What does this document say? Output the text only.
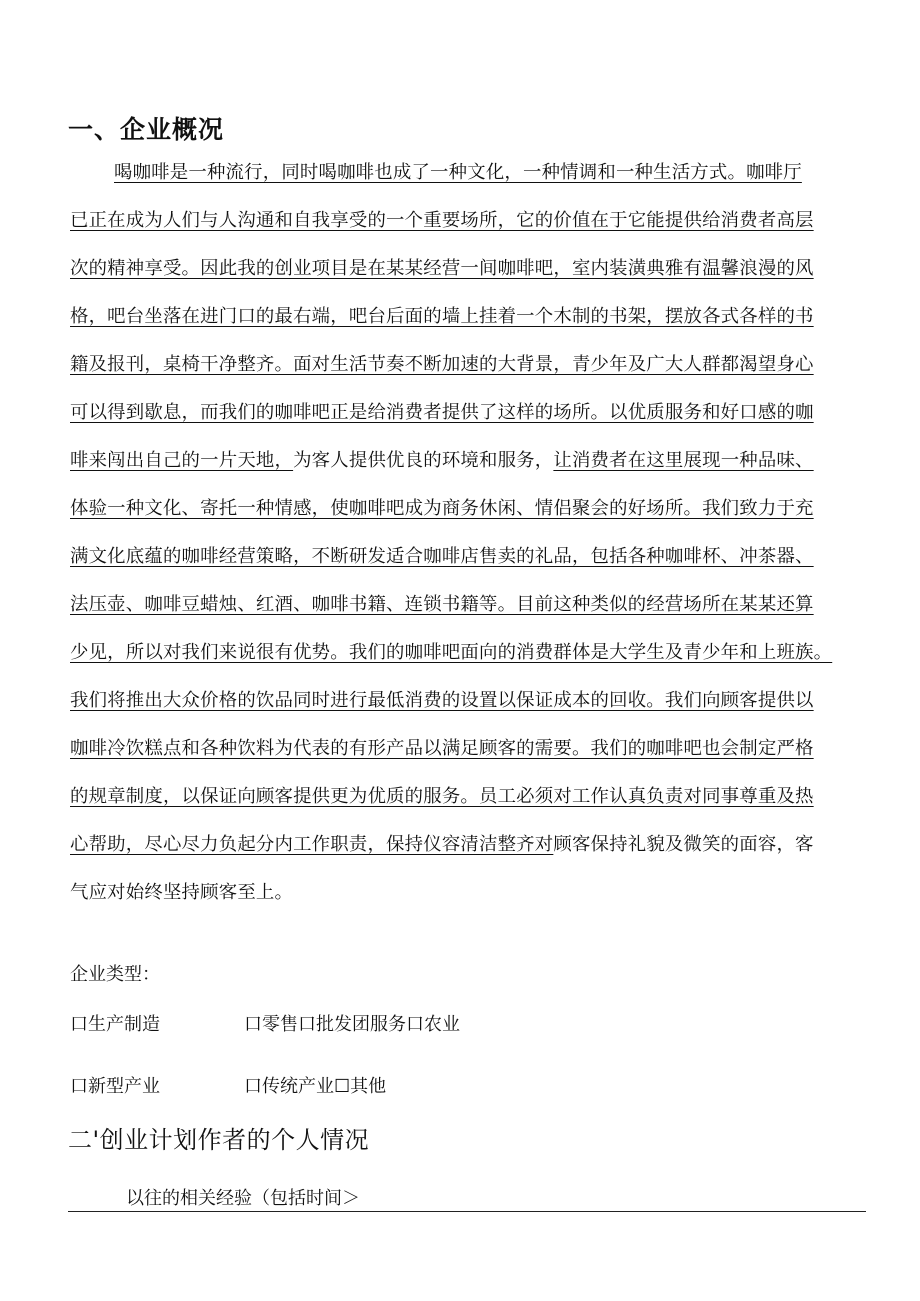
一、企业概况
喝咖啡是一种流行，同时喝咖啡也成了一种文化，一种情调和一种生活方式。咖啡厅
已正在成为人们与人沟通和自我享受的一个重要场所，它的价值在于它能提供给消费者高层
次的精神享受。因此我的创业项目是在某某经营一间咖啡吧，室内装潢典雅有温馨浪漫的风
格，吧台坐落在进门口的最右端，吧台后面的墙上挂着一个木制的书架，摆放各式各样的书
籍及报刊，桌椅干净整齐。面对生活节奏不断加速的大背景，青少年及广大人群都渴望身心
可以得到歇息，而我们的咖啡吧正是给消费者提供了这样的场所。以优质服务和好口感的咖
啡来闯出自己的一片天地，为客人提供优良的环境和服务，让消费者在这里展现一种品味、
体验一种文化、寄托一种情感，使咖啡吧成为商务休闲、情侣聚会的好场所。我们致力于充
满文化底蕴的咖啡经营策略，不断研发适合咖啡店售卖的礼品，包括各种咖啡杯、冲茶器、
法压壶、咖啡豆蜡烛、红酒、咖啡书籍、连锁书籍等。目前这种类似的经营场所在某某还算
少见，所以对我们来说很有优势。我们的咖啡吧面向的消费群体是大学生及青少年和上班族。
我们将推出大众价格的饮品同时进行最低消费的设置以保证成本的回收。我们向顾客提供以
咖啡冷饮糕点和各种饮料为代表的有形产品以满足顾客的需要。我们的咖啡吧也会制定严格
的规章制度，以保证向顾客提供更为优质的服务。员工必须对工作认真负责对同事尊重及热
心帮助，尽心尽力负起分内工作职责，保持仪容清洁整齐对顾客保持礼貌及微笑的面容，客
气应对始终坚持顾客至上。
企业类型：
口生产制造	口零售口批发团服务口农业
口新型产业	口传统产业☐其他
二'创业计划作者的个人情况
以往的相关经验（包括时间＞
